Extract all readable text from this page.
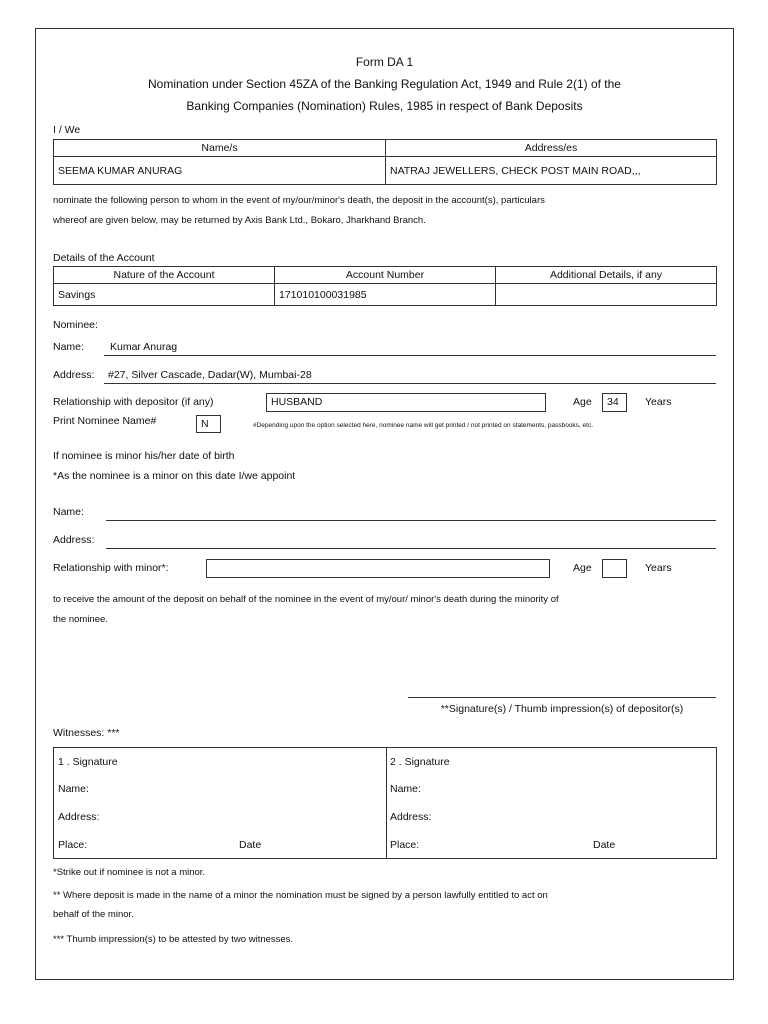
Form DA 1
Nomination under Section 45ZA of the Banking Regulation Act, 1949 and Rule 2(1) of the
Banking Companies (Nomination) Rules, 1985 in respect of Bank Deposits
I / We
Name/s	Address/es
SEEMA KUMAR ANURAG	NATRAJ JEWELLERS, CHECK POST MAIN ROAD,,,
nominate the following person to whom in the event of my/our/minor's death, the deposit in the account(s), particulars
whereof are given below, may be returned by Axis Bank Ltd., Bokaro, Jharkhand Branch.
Details of the Account
Nature of the Account	Account Number	Additional Details, if any
Savings	171010100031985	
Nominee:
Name: Kumar Anurag
Address: #27, Silver Cascade, Dadar(W), Mumbai-28
Relationship with depositor (if any)	HUSBAND	Age	34	Years
Print Nominee Name#	N	#Depending upon the option selected here, nominee name will get printed / not printed on statements, passbooks, etc.
If nominee is minor his/her date of birth
*As the nominee is a minor on this date I/we appoint
Name:
Address:
Relationship with minor*:	Age	Years
to receive the amount of the deposit on behalf of the nominee in the event of my/our/ minor's death during the minority of
the nominee.
**Signature(s) / Thumb impression(s) of depositor(s)
Witnesses: ***
1 . Signature
Name:
Address:
Place:	Date
2 . Signature
Name:
Address:
Place:	Date
*Strike out if nominee is not a minor.
** Where deposit is made in the name of a minor the nomination must be signed by a person lawfully entitled to act on
behalf of the minor.
*** Thumb impression(s) to be attested by two witnesses.
